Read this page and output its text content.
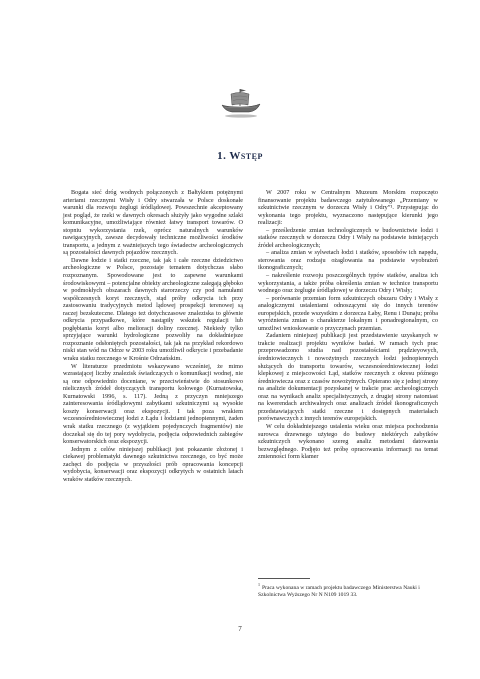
1. Wstęp

Bogata sieć dróg wodnych połączonych z Bałtykiem potężnymi arteriami rzecznymi Wisły i Odry stwarzała w Polsce doskonałe warunki dla rozwoju żeglugi śródlądowej. Powszechnie akceptowany jest pogląd, że rzeki w dawnych okresach służyły jako wygodne szlaki komunikacyjne, umożliwiające również łatwy transport towarów. O stopniu wykorzystania rzek, oprócz naturalnych warunków nawigacyjnych, zawsze decydowały techniczne możliwości środków transportu, a jednym z ważniejszych tego świadectw archeologicznych są pozostałości dawnych pojazdów rzecznych.

Dawne łodzie i statki rzeczne, tak jak i całe rzeczne dziedzictwo archeologiczne w Polsce, pozostaje tematem dotychczas słabo rozpoznanym. Spowodowane jest to zapewne warunkami środowiskowymi – potencjalne obiekty archeologiczne zalegają głęboko w podmokłych obszarach dawnych starorzeczy czy pod namułami współczesnych koryt rzecznych, stąd próby odkrycia ich przy zastosowaniu tradycyjnych metod lądowej prospekcji terenowej są raczej bezskuteczne. Dlatego też dotychczasowe znaleziska to głównie odkrycia przypadkowe, które nastąpiły wskutek regulacji lub pogłębiania koryt albo melioracji doliny rzecznej. Niekiedy tylko sprzyjające warunki hydrologiczne pozwoliły na dokładniejsze rozpoznanie odsłoniętych pozostałości, tak jak na przykład rekordowo niski stan wód na Odrze w 2003 roku umożliwił odkrycie i przebadanie wraku statku rzecznego w Krośnie Odrzańskim.

W literaturze przedmiotu wskazywano wcześniej, że mimo wzrastającej liczby znalezisk świadczących o komunikacji wodnej, nie są one odpowiednio doceniane, w przeciwieństwie do stosunkowo nielicznych źródeł dotyczących transportu kołowego (Kurnatowska, Kurnatowski 1996, s. 117). Jedną z przyczyn mniejszego zainteresowania śródlądowymi zabytkami szkutniczymi są wysokie koszty konserwacji oraz ekspozycji. I tak poza wrakiem wczesnośredniowiecznej łodzi z Łądu i łodziami jednopiennymi, żaden wrak statku rzecznego (z wyjątkiem pojedynczych fragmentów) nie doczekał się do tej pory wydobycia, podjęcia odpowiednich zabiegów konserwatorskich oraz ekspozycji.

Jednym z celów niniejszej publikacji jest pokazanie złożonej i ciekawej problematyki dawnego szkutnictwa rzecznego, co być może zachęci do podjęcia w przyszłości prób opracowania koncepcji wydobycia, konserwacji oraz ekspozycji odkrytych w ostatnich latach wraków statków rzecznych.

W 2007 roku w Centralnym Muzeum Morskim rozpoczęto finansowanie projektu badawczego zatytułowanego „Przemiany w szkutnictwie rzecznym w dorzeczu Wisły i Odry”¹. Przystępując do wykonania tego projektu, wyznaczono następujące kierunki jego realizacji:

– prześledzenie zmian technologicznych w budownictwie łodzi i statków rzecznych w dorzeczu Odry i Wisły na podstawie istniejących źródeł archeologicznych;

– analiza zmian w sylwetach łodzi i statków, sposobów ich napędu, sterowania oraz rodzaju ożaglowania na podstawie wyobrażeń ikonograficznych;

– nakreślenie rozwoju poszczególnych typów statków, analiza ich wykorzystania, a także próba określenia zmian w technice transportu wodnego oraz żeglugie śródlądowej w dorzeczu Odry i Wisły;

– porównanie przemian form szkutniczych obszaru Odry i Wisły z analogicznymi ustaleniami odnoszącymi się do innych terenów europejskich, przede wszystkim z dorzecza Łaby, Renu i Dunaju; próba wyróżnienia zmian o charakterze lokalnym i ponadregionalnym, co umożliwi wnioskowanie o przyczynach przemian.

Zadaniem niniejszej publikacji jest przedstawienie uzyskanych w trakcie realizacji projektu wyników badań. W ramach tych prac przeprowadzono studia nad pozostałościami prądzieyowych, średniowiecznych i nowożytnych rzecznych łodzi jednopiennych służących do transportu towarów, wczesnośredniowiecznej łodzi klepkowej z miejscowości Łąd, statków rzecznych z okresu późnego średniowiecza oraz z czasów nowożytnych. Opierano się z jednej strony na analizie dokumentacji pozyskanej w trakcie prac archeologicznych oraz na wynikach analiz specjalistycznych, z drugiej strony natomiast na kwerendach archiwalnych oraz analizach źródeł ikonograficznych przedstawiających statki rzeczne i dostępnych materiałach porównawczych z innych terenów europejskich.

W celu dokładniejszego ustalenia wieku oraz miejsca pochodzenia surowca drzewnego użytego do budowy niektórych zabytków szkutniczych wykonano szereg analiz metodami datowania bezwzględnego. Podjęto też próbę opracowania informacji na temat zmienności form klamer

$^1$Praca wykonana w ramach projektu badawczego Ministerstwa Nauki i Szkolnictwa Wyższego Nr N N109 1019 33.
7
